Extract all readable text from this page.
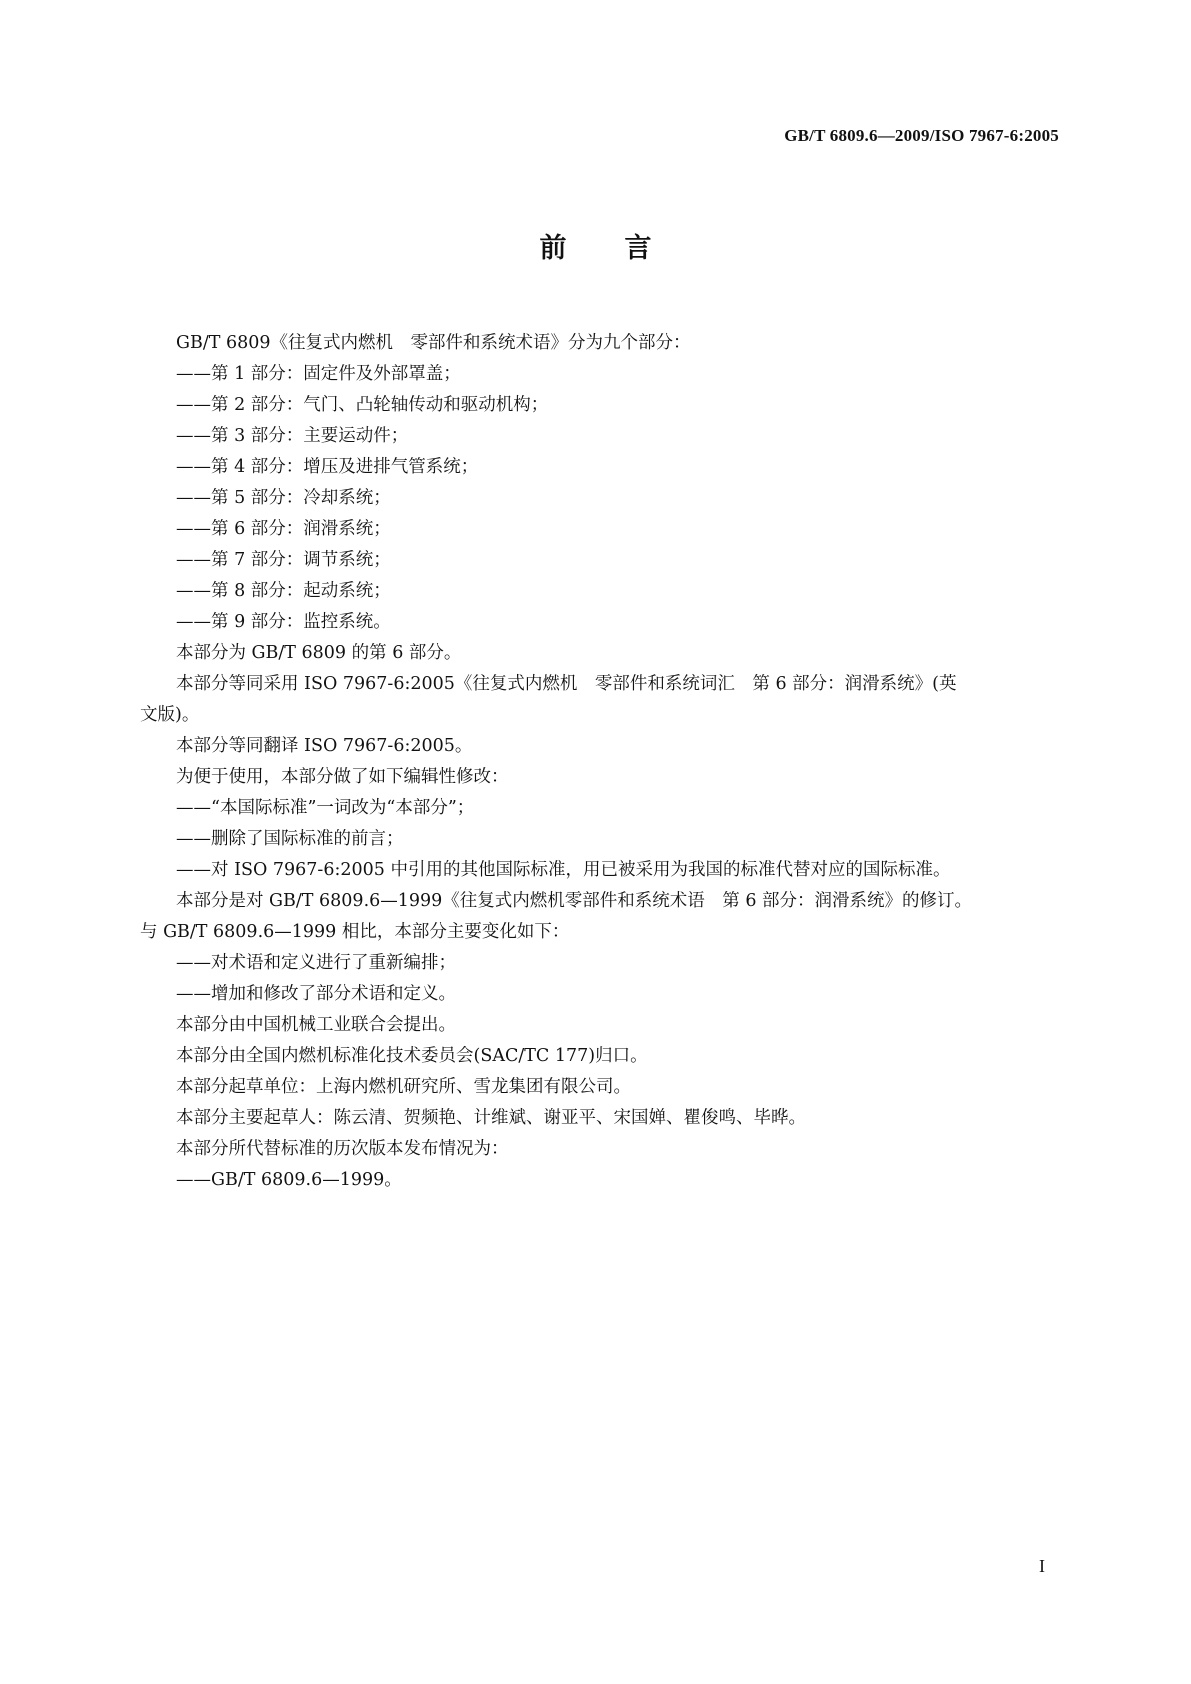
GB/T 6809.6—2009/ISO 7967-6:2005
前言

GB/T 6809《往复式内燃机　零部件和系统术语》分为九个部分：

——第 1 部分：固定件及外部罩盖；

——第 2 部分：气门、凸轮轴传动和驱动机构；

——第 3 部分：主要运动件；

——第 4 部分：增压及进排气管系统；

——第 5 部分：冷却系统；

——第 6 部分：润滑系统；

——第 7 部分：调节系统；

——第 8 部分：起动系统；

——第 9 部分：监控系统。

本部分为 GB/T 6809 的第 6 部分。

本部分等同采用 ISO 7967-6:2005《往复式内燃机　零部件和系统词汇　第 6 部分：润滑系统》(英

文版)。

本部分等同翻译 ISO 7967-6:2005。

为便于使用，本部分做了如下编辑性修改：

——“本国际标准”一词改为“本部分”；

——删除了国际标准的前言；

——对 ISO 7967-6:2005 中引用的其他国际标准，用已被采用为我国的标准代替对应的国际标准。

本部分是对 GB/T 6809.6—1999《往复式内燃机零部件和系统术语　第 6 部分：润滑系统》的修订。

与 GB/T 6809.6—1999 相比，本部分主要变化如下：

——对术语和定义进行了重新编排；

——增加和修改了部分术语和定义。

本部分由中国机械工业联合会提出。

本部分由全国内燃机标准化技术委员会(SAC/TC 177)归口。

本部分起草单位：上海内燃机研究所、雪龙集团有限公司。

本部分主要起草人：陈云清、贺频艳、计维斌、谢亚平、宋国婵、瞿俊鸣、毕晔。

本部分所代替标准的历次版本发布情况为：

——GB/T 6809.6—1999。

I
